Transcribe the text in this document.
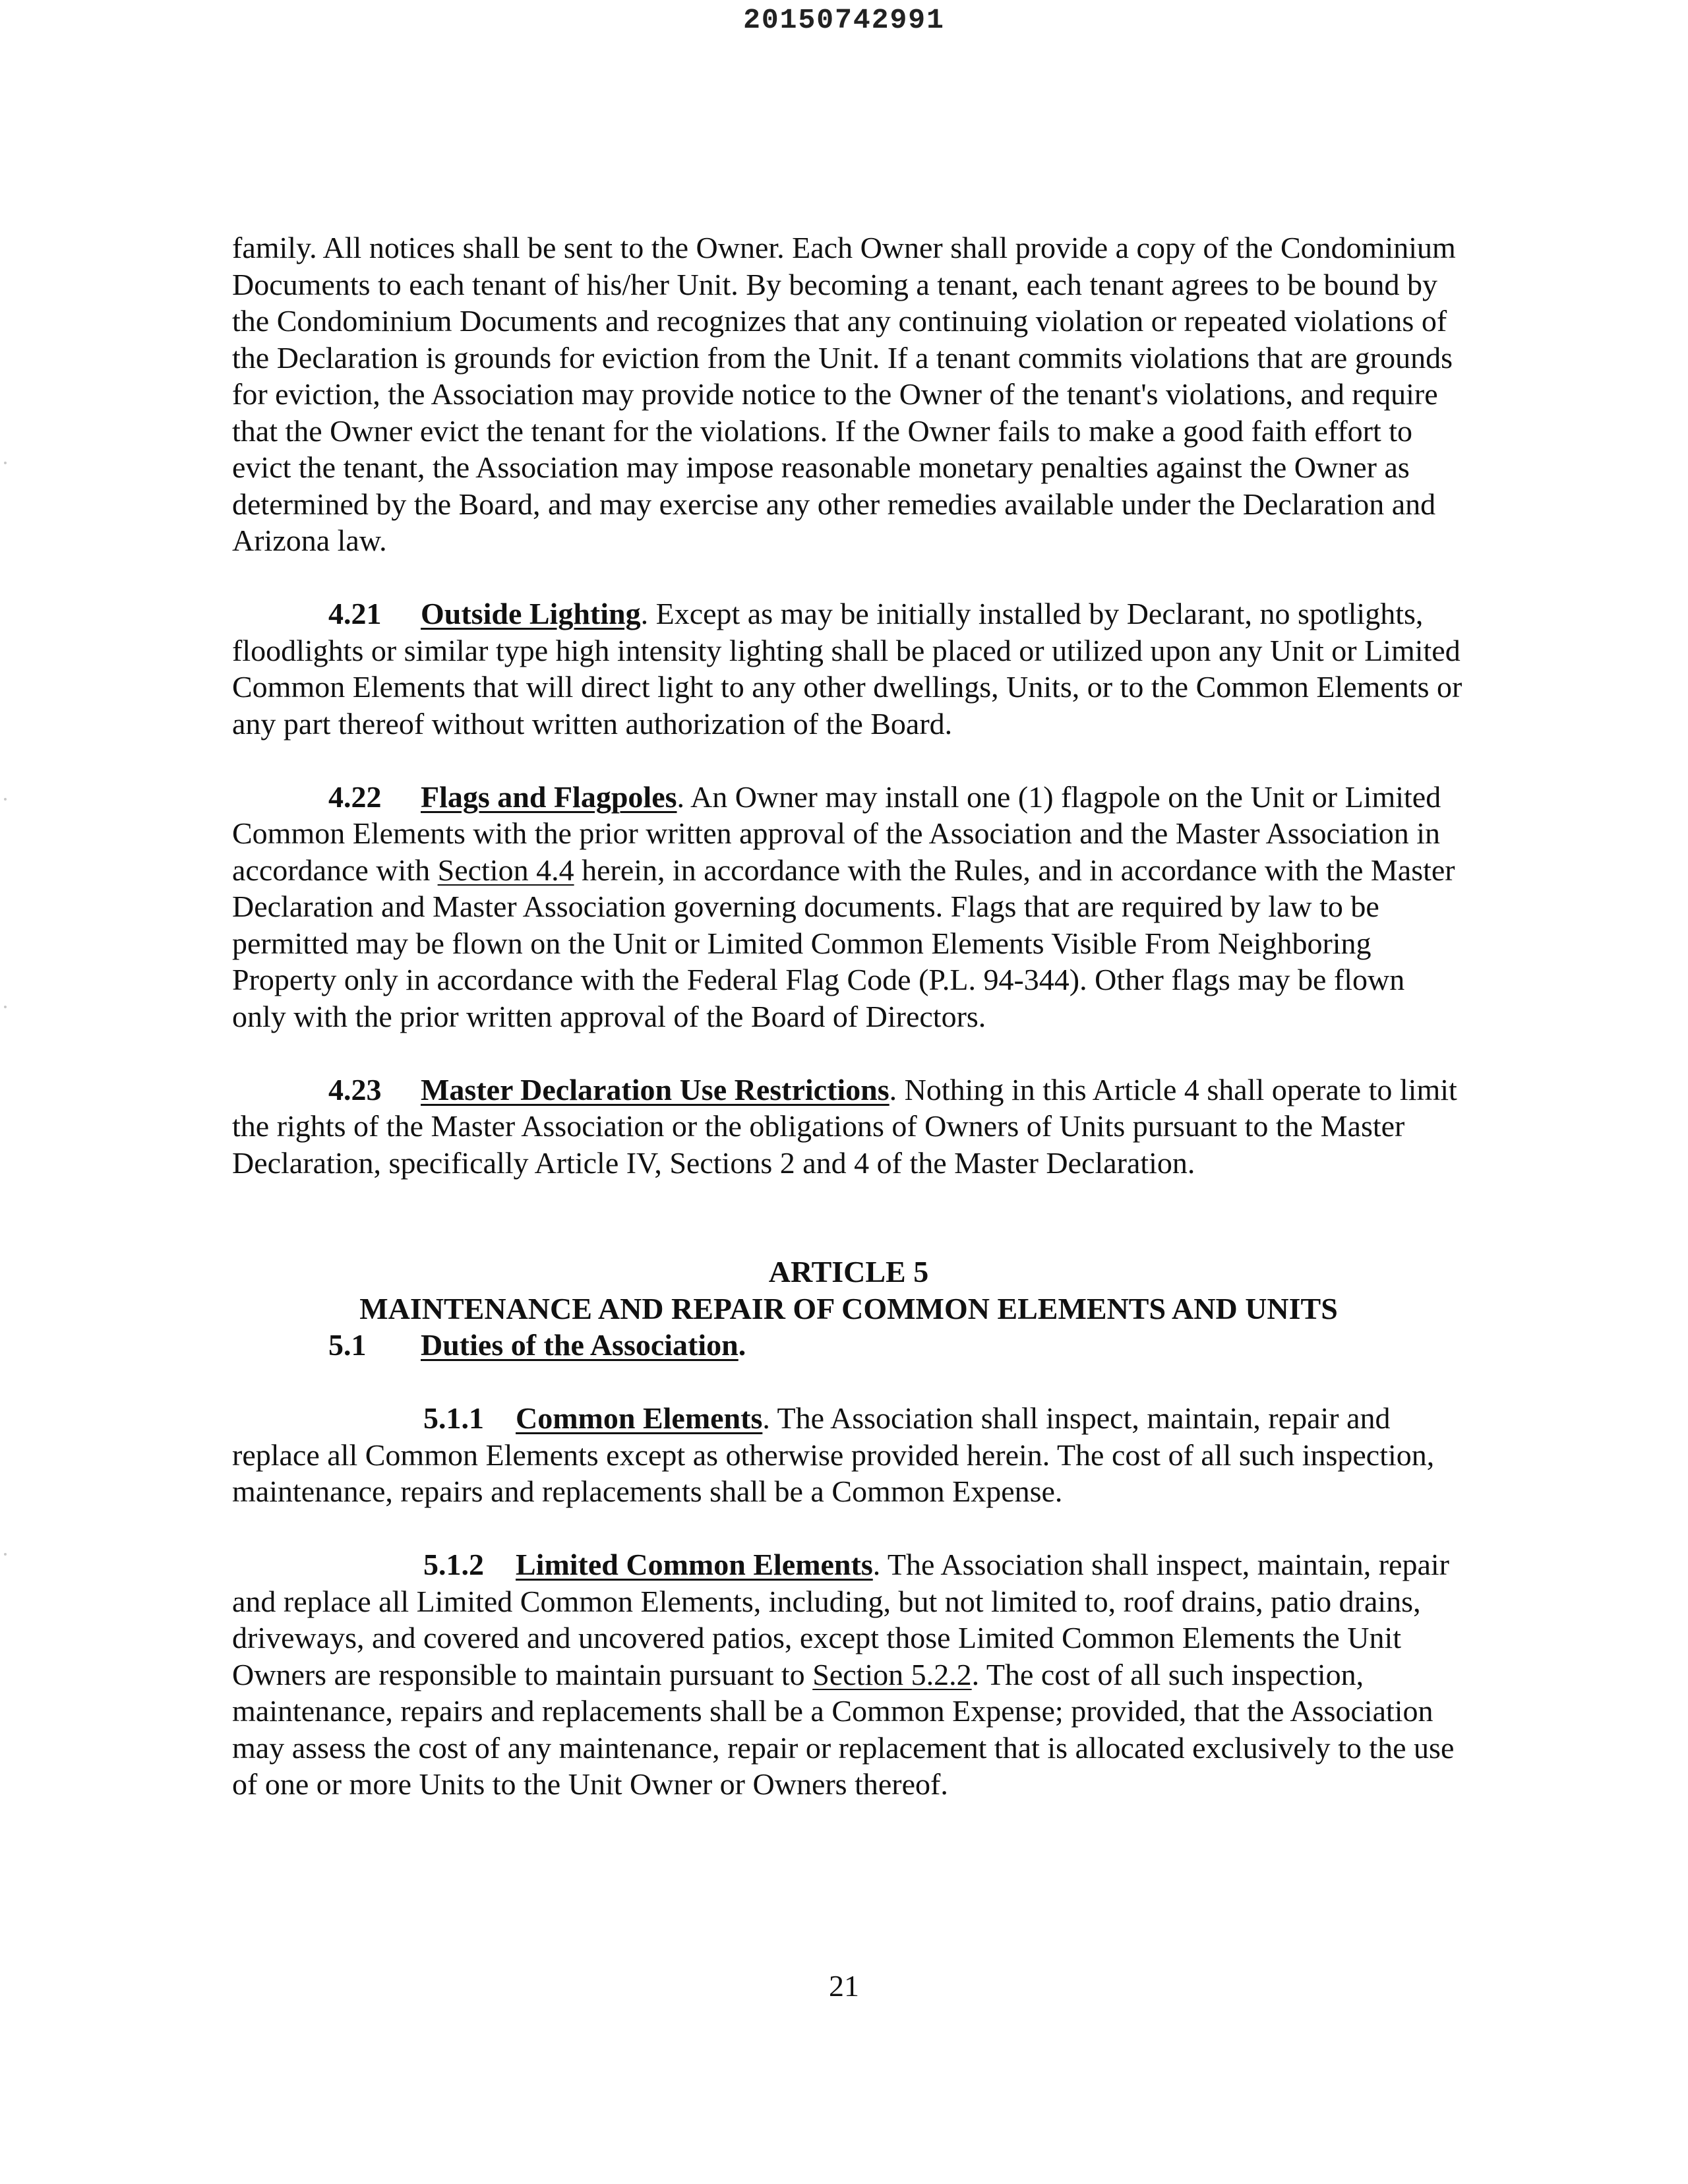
20150742991

family. All notices shall be sent to the Owner. Each Owner shall provide a copy of the Condominium Documents to each tenant of his/her Unit. By becoming a tenant, each tenant agrees to be bound by the Condominium Documents and recognizes that any continuing violation or repeated violations of the Declaration is grounds for eviction from the Unit. If a tenant commits violations that are grounds for eviction, the Association may provide notice to the Owner of the tenant's violations, and require that the Owner evict the tenant for the violations. If the Owner fails to make a good faith effort to evict the tenant, the Association may impose reasonable monetary penalties against the Owner as determined by the Board, and may exercise any other remedies available under the Declaration and Arizona law.

4.21 Outside Lighting. Except as may be initially installed by Declarant, no spotlights, floodlights or similar type high intensity lighting shall be placed or utilized upon any Unit or Limited Common Elements that will direct light to any other dwellings, Units, or to the Common Elements or any part thereof without written authorization of the Board.

4.22 Flags and Flagpoles. An Owner may install one (1) flagpole on the Unit or Limited Common Elements with the prior written approval of the Association and the Master Association in accordance with Section 4.4 herein, in accordance with the Rules, and in accordance with the Master Declaration and Master Association governing documents. Flags that are required by law to be permitted may be flown on the Unit or Limited Common Elements Visible From Neighboring Property only in accordance with the Federal Flag Code (P.L. 94-344). Other flags may be flown only with the prior written approval of the Board of Directors.

4.23 Master Declaration Use Restrictions. Nothing in this Article 4 shall operate to limit the rights of the Master Association or the obligations of Owners of Units pursuant to the Master Declaration, specifically Article IV, Sections 2 and 4 of the Master Declaration.

ARTICLE 5

MAINTENANCE AND REPAIR OF COMMON ELEMENTS AND UNITS

5.1 Duties of the Association.

5.1.1 Common Elements. The Association shall inspect, maintain, repair and replace all Common Elements except as otherwise provided herein. The cost of all such inspection, maintenance, repairs and replacements shall be a Common Expense.

5.1.2 Limited Common Elements. The Association shall inspect, maintain, repair and replace all Limited Common Elements, including, but not limited to, roof drains, patio drains, driveways, and covered and uncovered patios, except those Limited Common Elements the Unit Owners are responsible to maintain pursuant to Section 5.2.2. The cost of all such inspection, maintenance, repairs and replacements shall be a Common Expense; provided, that the Association may assess the cost of any maintenance, repair or replacement that is allocated exclusively to the use of one or more Units to the Unit Owner or Owners thereof.

21
